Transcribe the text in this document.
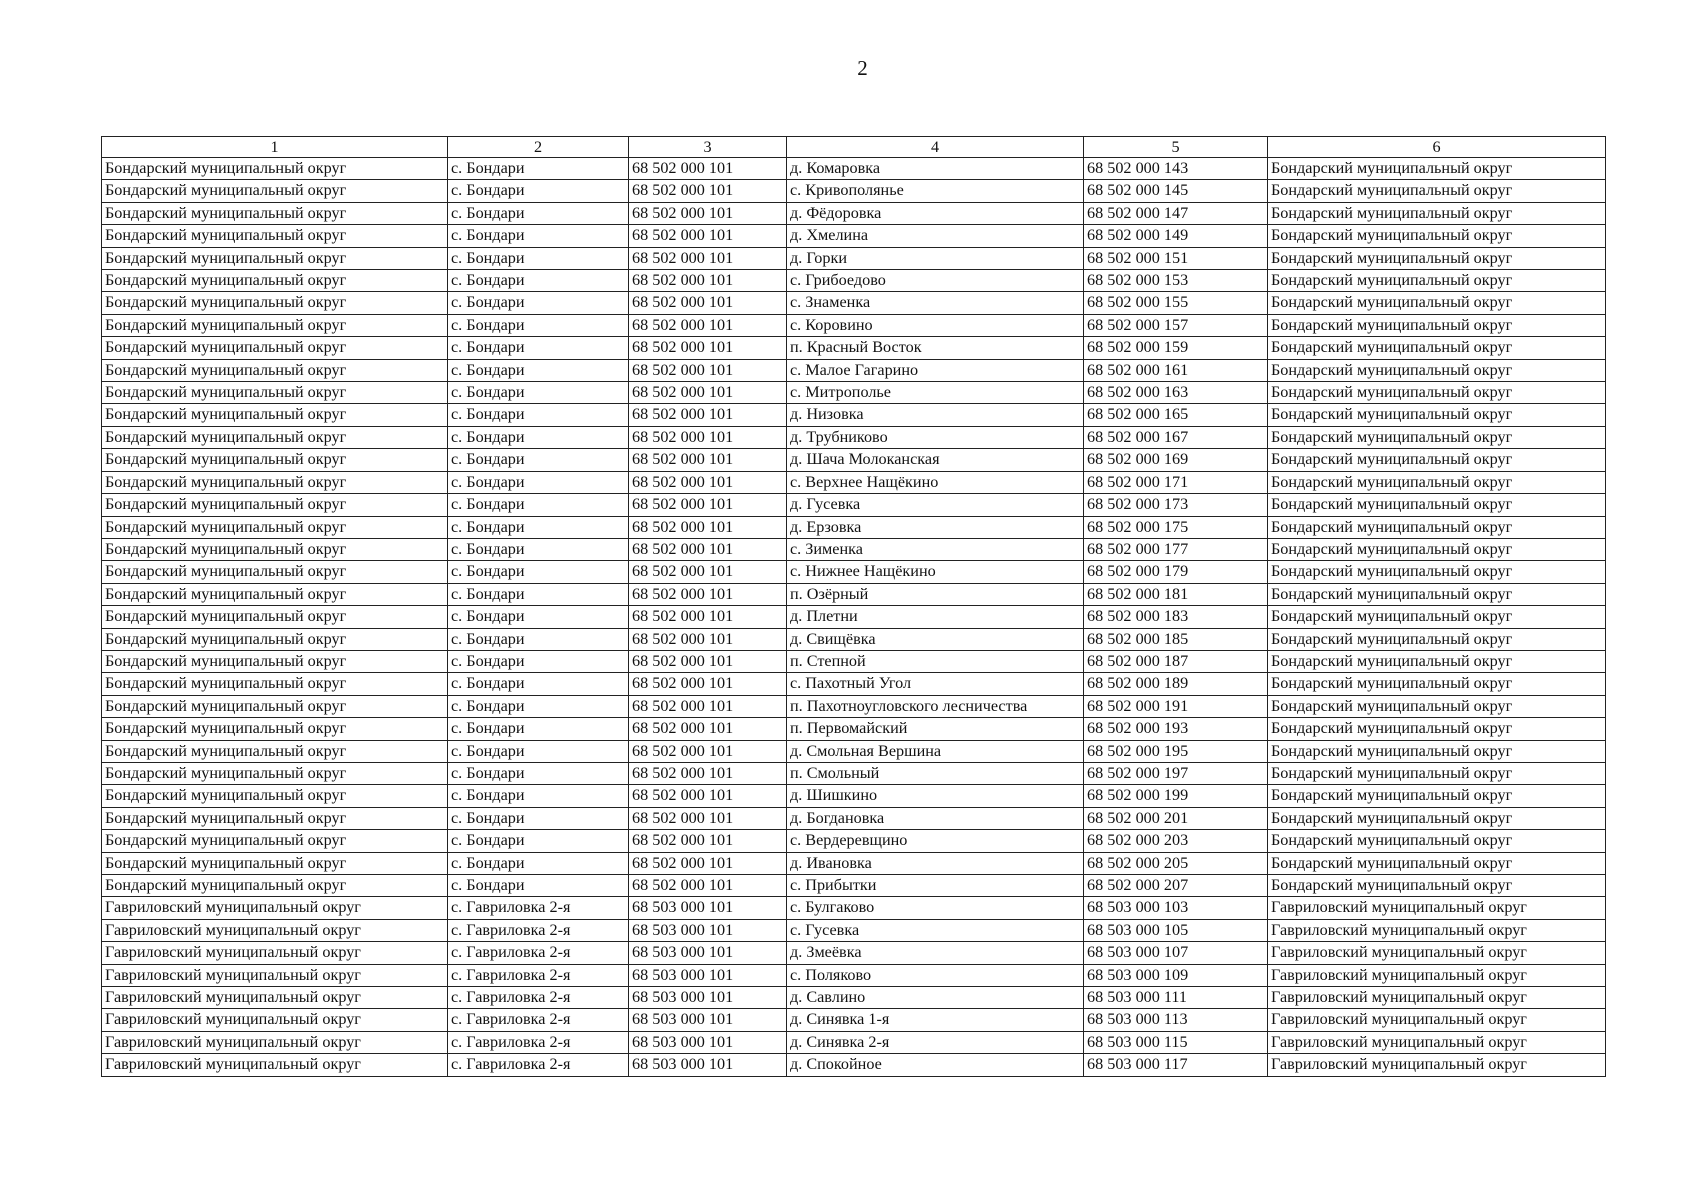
2
1	2	3	4	5	6
Бондарский муниципальный округ	с. Бондари	68 502 000 101	д. Комаровка	68 502 000 143	Бондарский муниципальный округ
Бондарский муниципальный округ	с. Бондари	68 502 000 101	с. Кривополянье	68 502 000 145	Бондарский муниципальный округ
Бондарский муниципальный округ	с. Бондари	68 502 000 101	д. Фёдоровка	68 502 000 147	Бондарский муниципальный округ
Бондарский муниципальный округ	с. Бондари	68 502 000 101	д. Хмелина	68 502 000 149	Бондарский муниципальный округ
Бондарский муниципальный округ	с. Бондари	68 502 000 101	д. Горки	68 502 000 151	Бондарский муниципальный округ
Бондарский муниципальный округ	с. Бондари	68 502 000 101	с. Грибоедово	68 502 000 153	Бондарский муниципальный округ
Бондарский муниципальный округ	с. Бондари	68 502 000 101	с. Знаменка	68 502 000 155	Бондарский муниципальный округ
Бондарский муниципальный округ	с. Бондари	68 502 000 101	с. Коровино	68 502 000 157	Бондарский муниципальный округ
Бондарский муниципальный округ	с. Бондари	68 502 000 101	п. Красный Восток	68 502 000 159	Бондарский муниципальный округ
Бондарский муниципальный округ	с. Бондари	68 502 000 101	с. Малое Гагарино	68 502 000 161	Бондарский муниципальный округ
Бондарский муниципальный округ	с. Бондари	68 502 000 101	с. Митрополье	68 502 000 163	Бондарский муниципальный округ
Бондарский муниципальный округ	с. Бондари	68 502 000 101	д. Низовка	68 502 000 165	Бондарский муниципальный округ
Бондарский муниципальный округ	с. Бондари	68 502 000 101	д. Трубниково	68 502 000 167	Бондарский муниципальный округ
Бондарский муниципальный округ	с. Бондари	68 502 000 101	д. Шача Молоканская	68 502 000 169	Бондарский муниципальный округ
Бондарский муниципальный округ	с. Бондари	68 502 000 101	с. Верхнее Нащёкино	68 502 000 171	Бондарский муниципальный округ
Бондарский муниципальный округ	с. Бондари	68 502 000 101	д. Гусевка	68 502 000 173	Бондарский муниципальный округ
Бондарский муниципальный округ	с. Бондари	68 502 000 101	д. Ерзовка	68 502 000 175	Бондарский муниципальный округ
Бондарский муниципальный округ	с. Бондари	68 502 000 101	с. Зименка	68 502 000 177	Бондарский муниципальный округ
Бондарский муниципальный округ	с. Бондари	68 502 000 101	с. Нижнее Нащёкино	68 502 000 179	Бондарский муниципальный округ
Бондарский муниципальный округ	с. Бондари	68 502 000 101	п. Озёрный	68 502 000 181	Бондарский муниципальный округ
Бондарский муниципальный округ	с. Бондари	68 502 000 101	д. Плетни	68 502 000 183	Бондарский муниципальный округ
Бондарский муниципальный округ	с. Бондари	68 502 000 101	д. Свищёвка	68 502 000 185	Бондарский муниципальный округ
Бондарский муниципальный округ	с. Бондари	68 502 000 101	п. Степной	68 502 000 187	Бондарский муниципальный округ
Бондарский муниципальный округ	с. Бондари	68 502 000 101	с. Пахотный Угол	68 502 000 189	Бондарский муниципальный округ
Бондарский муниципальный округ	с. Бондари	68 502 000 101	п. Пахотноугловского лесничества	68 502 000 191	Бондарский муниципальный округ
Бондарский муниципальный округ	с. Бондари	68 502 000 101	п. Первомайский	68 502 000 193	Бондарский муниципальный округ
Бондарский муниципальный округ	с. Бондари	68 502 000 101	д. Смольная Вершина	68 502 000 195	Бондарский муниципальный округ
Бондарский муниципальный округ	с. Бондари	68 502 000 101	п. Смольный	68 502 000 197	Бондарский муниципальный округ
Бондарский муниципальный округ	с. Бондари	68 502 000 101	д. Шишкино	68 502 000 199	Бондарский муниципальный округ
Бондарский муниципальный округ	с. Бондари	68 502 000 101	д. Богдановка	68 502 000 201	Бондарский муниципальный округ
Бондарский муниципальный округ	с. Бондари	68 502 000 101	с. Вердеревщино	68 502 000 203	Бондарский муниципальный округ
Бондарский муниципальный округ	с. Бондари	68 502 000 101	д. Ивановка	68 502 000 205	Бондарский муниципальный округ
Бондарский муниципальный округ	с. Бондари	68 502 000 101	с. Прибытки	68 502 000 207	Бондарский муниципальный округ
Гавриловский муниципальный округ	с. Гавриловка 2-я	68 503 000 101	с. Булгаково	68 503 000 103	Гавриловский муниципальный округ
Гавриловский муниципальный округ	с. Гавриловка 2-я	68 503 000 101	с. Гусевка	68 503 000 105	Гавриловский муниципальный округ
Гавриловский муниципальный округ	с. Гавриловка 2-я	68 503 000 101	д. Змеёвка	68 503 000 107	Гавриловский муниципальный округ
Гавриловский муниципальный округ	с. Гавриловка 2-я	68 503 000 101	с. Поляково	68 503 000 109	Гавриловский муниципальный округ
Гавриловский муниципальный округ	с. Гавриловка 2-я	68 503 000 101	д. Савлино	68 503 000 111	Гавриловский муниципальный округ
Гавриловский муниципальный округ	с. Гавриловка 2-я	68 503 000 101	д. Синявка 1-я	68 503 000 113	Гавриловский муниципальный округ
Гавриловский муниципальный округ	с. Гавриловка 2-я	68 503 000 101	д. Синявка 2-я	68 503 000 115	Гавриловский муниципальный округ
Гавриловский муниципальный округ	с. Гавриловка 2-я	68 503 000 101	д. Спокойное	68 503 000 117	Гавриловский муниципальный округ
